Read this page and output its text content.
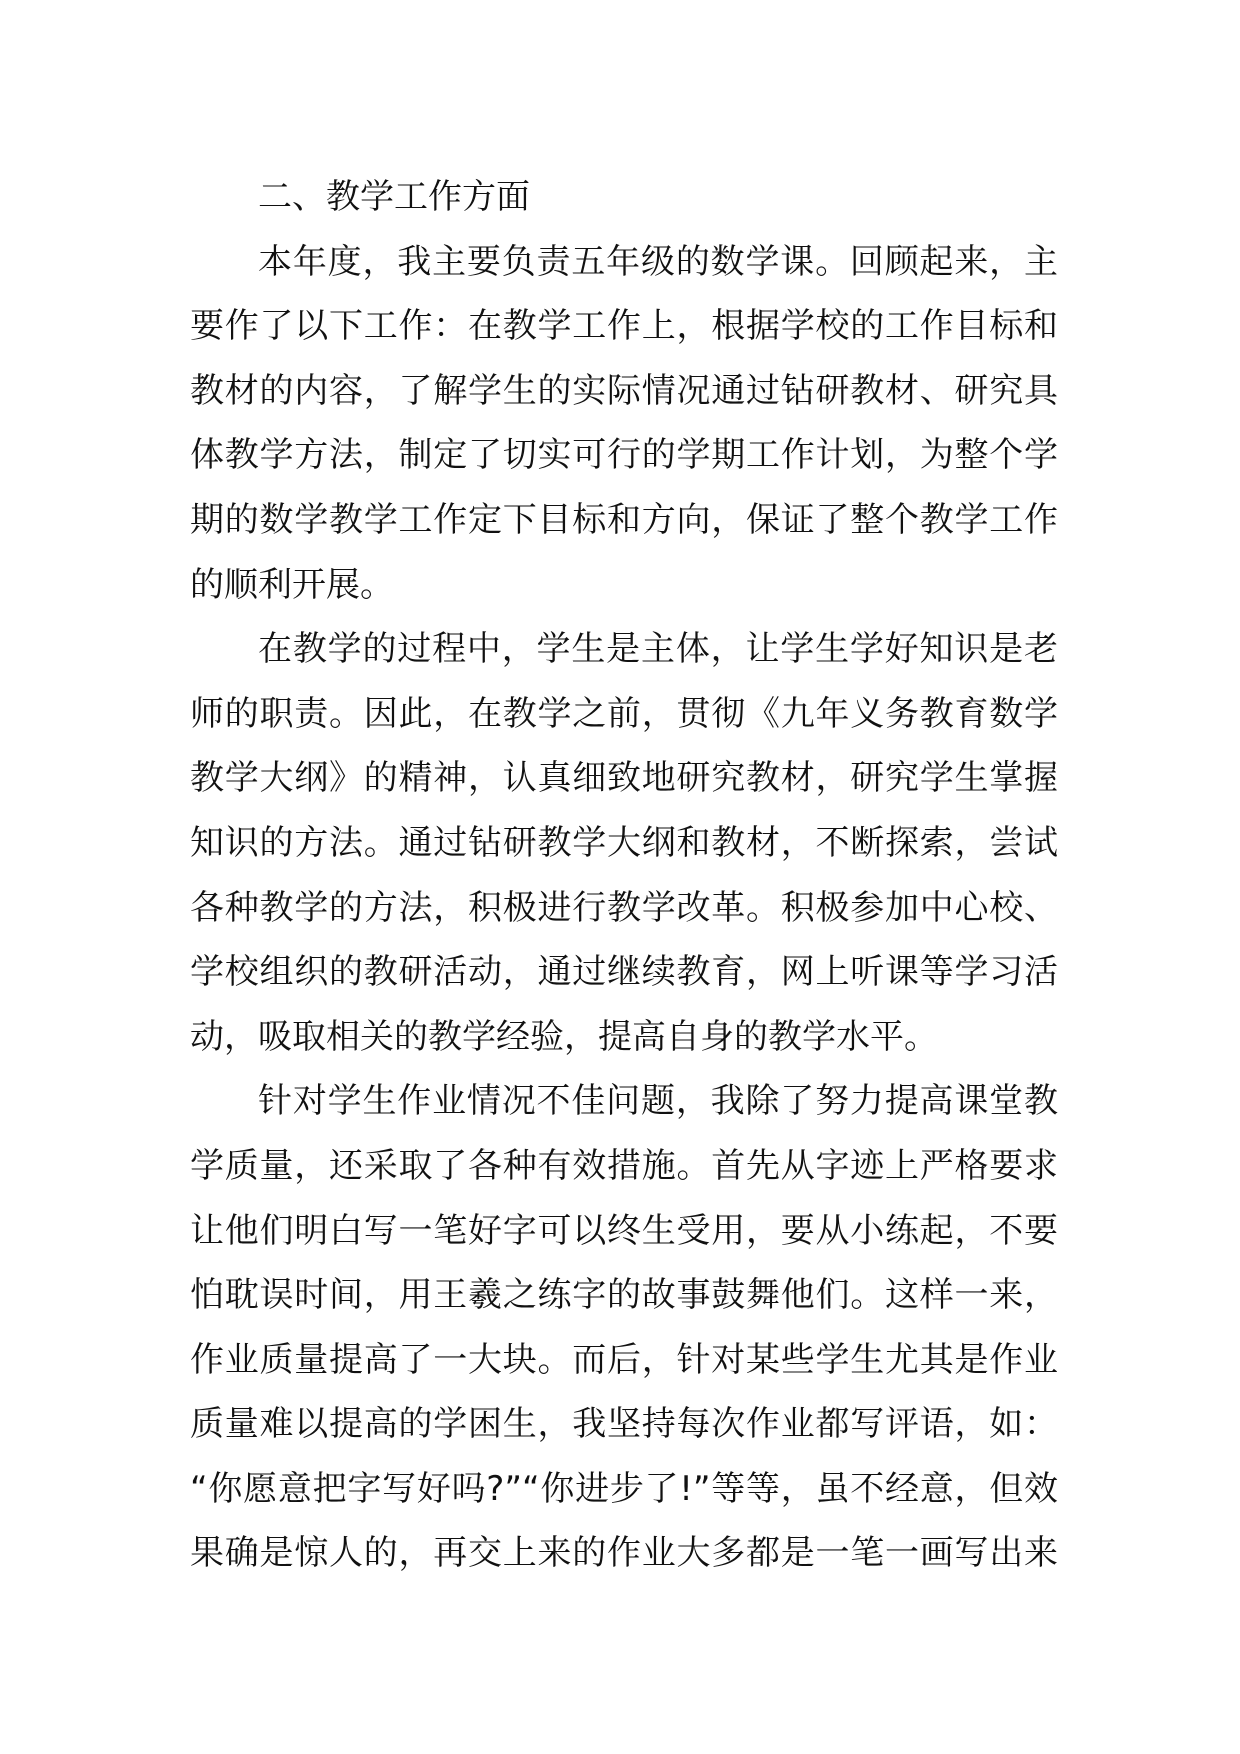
二、教学工作方面
本年度，我主要负责五年级的数学课。回顾起来，主
要作了以下工作：在教学工作上，根据学校的工作目标和
教材的内容，了解学生的实际情况通过钻研教材、研究具
体教学方法，制定了切实可行的学期工作计划，为整个学
期的数学教学工作定下目标和方向，保证了整个教学工作
的顺利开展。
在教学的过程中，学生是主体，让学生学好知识是老
师的职责。因此，在教学之前，贯彻《九年义务教育数学
教学大纲》的精神，认真细致地研究教材，研究学生掌握
知识的方法。通过钻研教学大纲和教材，不断探索，尝试
各种教学的方法，积极进行教学改革。积极参加中心校、
学校组织的教研活动，通过继续教育，网上听课等学习活
动，吸取相关的教学经验，提高自身的教学水平。
针对学生作业情况不佳问题，我除了努力提高课堂教
学质量，还采取了各种有效措施。首先从字迹上严格要求
让他们明白写一笔好字可以终生受用，要从小练起，不要
怕耽误时间，用王羲之练字的故事鼓舞他们。这样一来，
作业质量提高了一大块。而后，针对某些学生尤其是作业
质量难以提高的学困生，我坚持每次作业都写评语，如：
“你愿意把字写好吗?”“你进步了!”等等，虽不经意，但效
果确是惊人的，再交上来的作业大多都是一笔一画写出来
